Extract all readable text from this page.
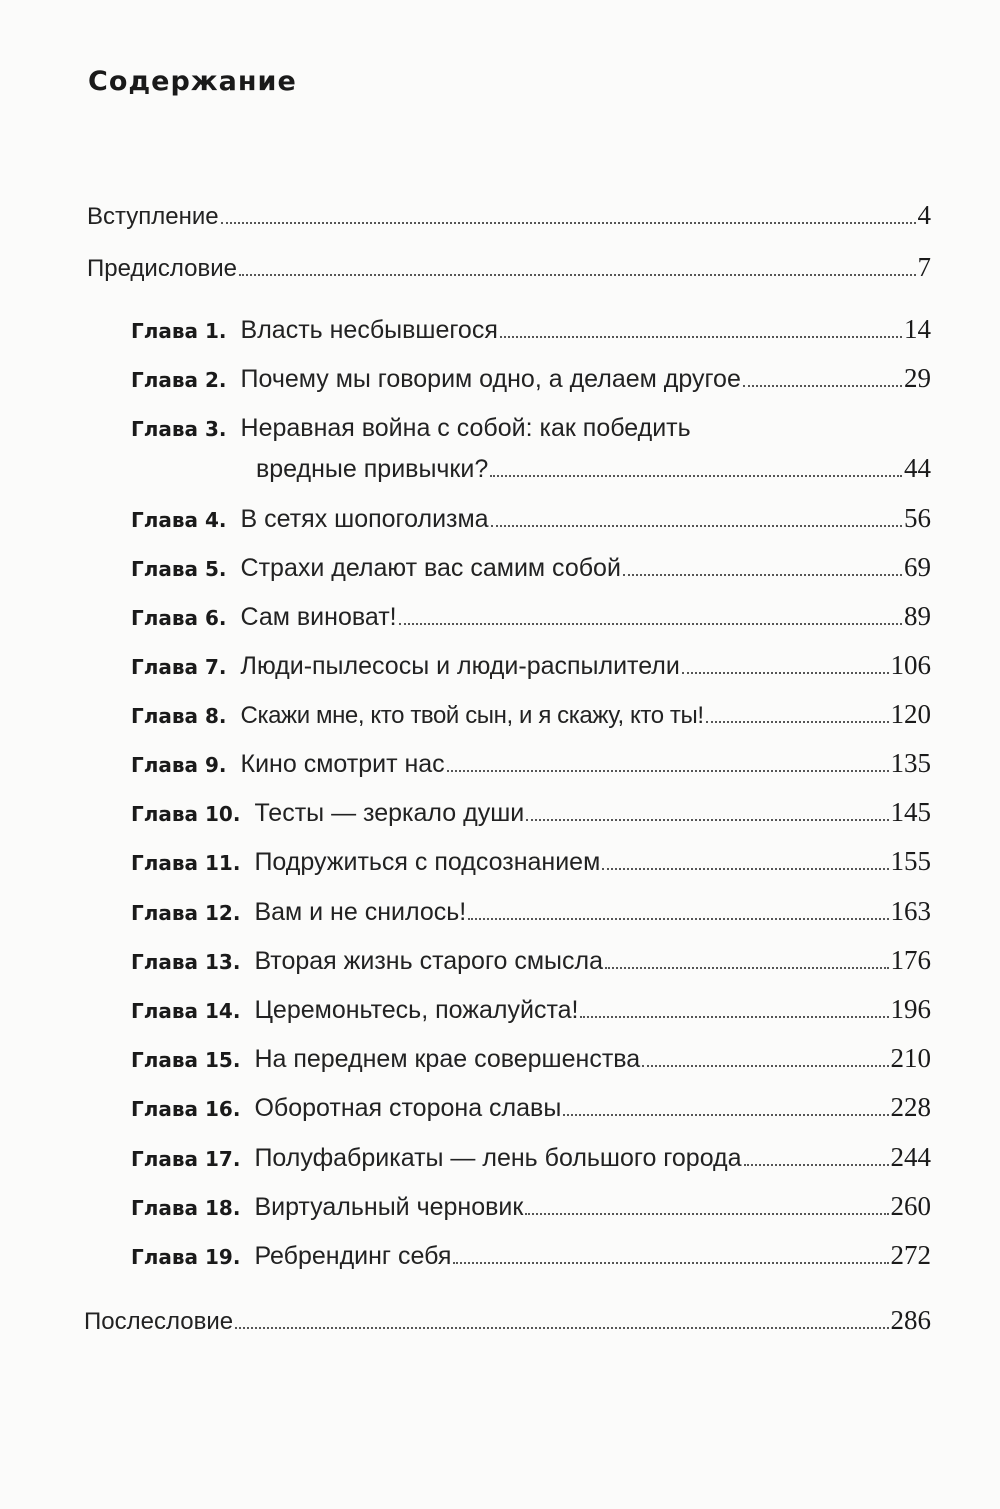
Содержание
Вступление	4
Предисловие	7
Глава 1. Власть несбывшегося	14
Глава 2. Почему мы говорим одно, а делаем другое	29
Глава 3. Неравная война с собой: как победить
вредные привычки?	44
Глава 4. В сетях шопоголизма	56
Глава 5. Страхи делают вас самим собой	69
Глава 6. Сам виноват!	89
Глава 7. Люди-пылесосы и люди-распылители	106
Глава 8. Скажи мне, кто твой сын, и я скажу, кто ты!	120
Глава 9. Кино смотрит нас	135
Глава 10. Тесты — зеркало души	145
Глава 11. Подружиться с подсознанием	155
Глава 12. Вам и не снилось!	163
Глава 13. Вторая жизнь старого смысла	176
Глава 14. Церемоньтесь, пожалуйста!	196
Глава 15. На переднем крае совершенства	210
Глава 16. Оборотная сторона славы	228
Глава 17. Полуфабрикаты — лень большого города	244
Глава 18. Виртуальный черновик	260
Глава 19. Ребрендинг себя	272
Послесловие	286
